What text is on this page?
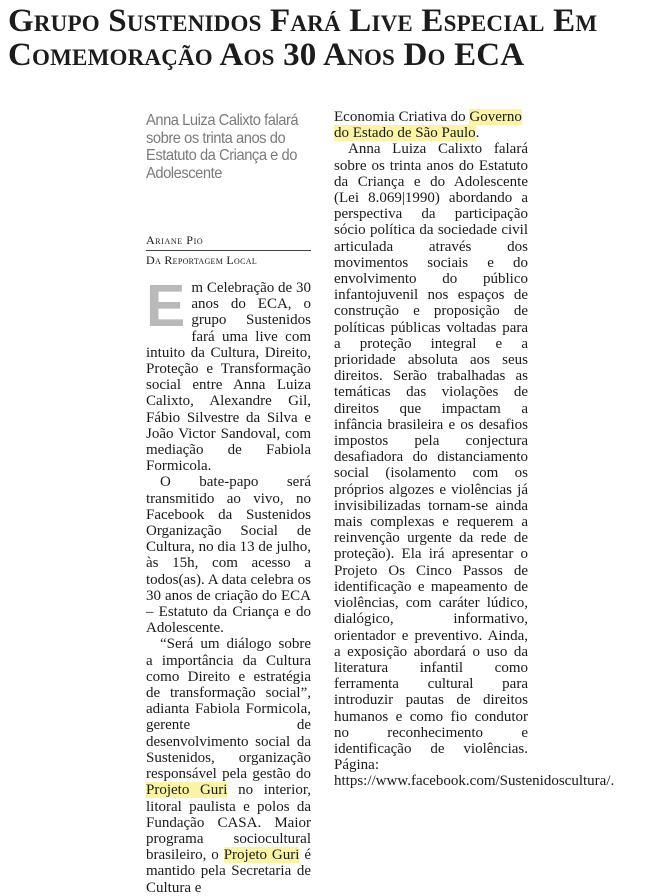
Grupo Sustenidos Fará Live Especial Em
Comemoração Aos 30 Anos Do ECA

Anna Luiza Calixto falará sobre os trinta anos do Estatuto da Criança e do Adolescente

Ariane Pio
Da Reportagem Local

Em Celebração de 30 anos do ECA, o grupo Sustenidos fará uma live com intuito da Cultura, Direito, Proteção e Transformação social entre Anna Luiza Calixto, Alexandre Gil, Fábio Silvestre da Silva e João Victor Sandoval, com mediação de Fabiola Formicola.

O bate-papo será transmitido ao vivo, no Facebook da Sustenidos Organização Social de Cultura, no dia 13 de julho, às 15h, com acesso a todos(as). A data celebra os 30 anos de criação do ECA – Estatuto da Criança e do Adolescente.

“Será um diálogo sobre a importância da Cultura como Direito e estratégia de transformação social”, adianta Fabiola Formicola, gerente de desenvolvimento social da Sustenidos, organização responsável pela gestão do Projeto Guri no interior, litoral paulista e polos da Fundação CASA. Maior programa sociocultural brasileiro, o Projeto Guri é mantido pela Secretaria de Cultura e

Economia Criativa do Governo do Estado de São Paulo.

Anna Luiza Calixto falará sobre os trinta anos do Estatuto da Criança e do Adolescente (Lei 8.069|1990) abordando a perspectiva da participação sócio política da sociedade civil articulada através dos movimentos sociais e do envolvimento do público infantojuvenil nos espaços de construção e proposição de políticas públicas voltadas para a proteção integral e a prioridade absoluta aos seus direitos. Serão trabalhadas as temáticas das violações de direitos que impactam a infância brasileira e os desafios impostos pela conjectura desafiadora do distanciamento social (isolamento com os próprios algozes e violências já invisibilizadas tornam-se ainda mais complexas e requerem a reinvenção urgente da rede de proteção). Ela irá apresentar o Projeto Os Cinco Passos de identificação e mapeamento de violências, com caráter lúdico, dialógico, informativo, orientador e preventivo. Ainda, a exposição abordará o uso da literatura infantil como ferramenta cultural para introduzir pautas de direitos humanos e como fio condutor no reconhecimento e identificação de violências. Página: https://www.facebook.com/Sustenidoscultura/.
